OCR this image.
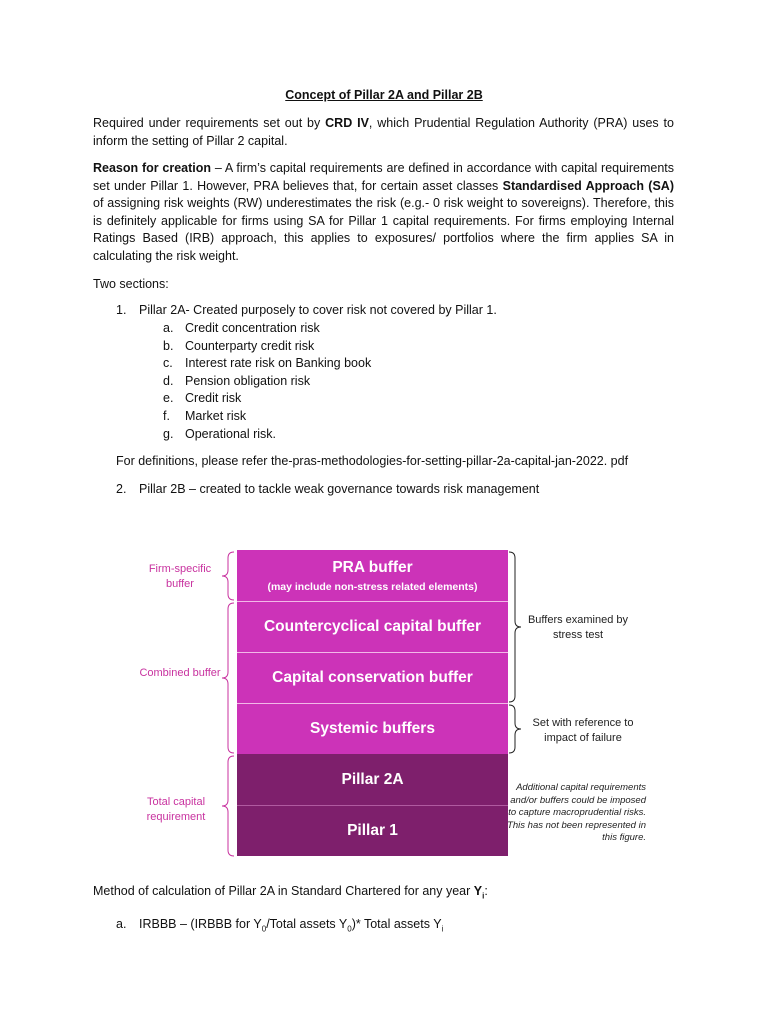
Concept of Pillar 2A and Pillar 2B
Required under requirements set out by CRD IV, which Prudential Regulation Authority (PRA) uses to inform the setting of Pillar 2 capital.
Reason for creation – A firm’s capital requirements are defined in accordance with capital requirements set under Pillar 1. However, PRA believes that, for certain asset classes Standardised Approach (SA) of assigning risk weights (RW) underestimates the risk (e.g.- 0 risk weight to sovereigns). Therefore, this is definitely applicable for firms using SA for Pillar 1 capital requirements. For firms employing Internal Ratings Based (IRB) approach, this applies to exposures/ portfolios where the firm applies SA in calculating the risk weight.
Two sections:
1. Pillar 2A- Created purposely to cover risk not covered by Pillar 1.
a. Credit concentration risk
b. Counterparty credit risk
c. Interest rate risk on Banking book
d. Pension obligation risk
e. Credit risk
f. Market risk
g. Operational risk.
For definitions, please refer the-pras-methodologies-for-setting-pillar-2a-capital-jan-2022. pdf
2. Pillar 2B – created to tackle weak governance towards risk management
PRA buffer
(may include non-stress related elements)
Countercyclical capital buffer
Capital conservation buffer
Systemic buffers
Pillar 2A
Pillar 1
Firm-specific buffer
Combined buffer
Total capital requirement
Buffers examined by stress test
Set with reference to impact of failure
Additional capital requirements and/or buffers could be imposed to capture macroprudential risks. This has not been represented in this figure.
Method of calculation of Pillar 2A in Standard Chartered for any year $Y_i$:
a. IRBBB – (IRBBB for $Y_0$/Total assets $Y_0)*$ Total assets $Y_i$
